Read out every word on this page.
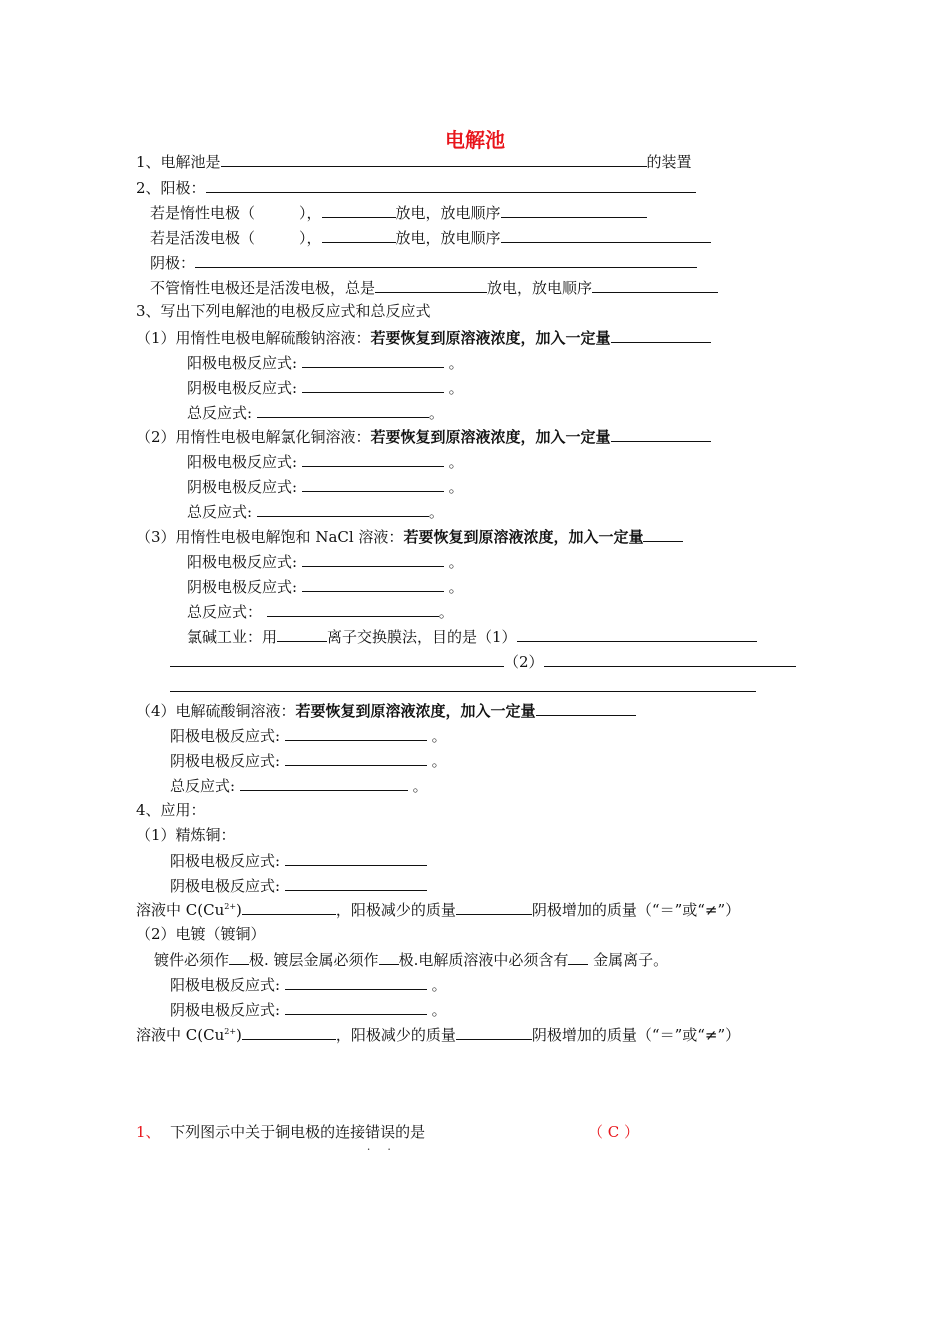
电解池
1、电解池是	的装置
2、阳极：
若是惰性电极（	），	放电，放电顺序
若是活泼电极（	），	放电，放电顺序
阴极：
不管惰性电极还是活泼电极，总是	放电，放电顺序
3、写出下列电解池的电极反应式和总反应式
（1）用惰性电极电解硫酸钠溶液：若要恢复到原溶液浓度，加入一定量
阳极电极反应式:	。
阴极电极反应式:	。
总反应式:	。
（2）用惰性电极电解氯化铜溶液：若要恢复到原溶液浓度，加入一定量
阳极电极反应式:	。
阴极电极反应式:	。
总反应式:	。
（3）用惰性电极电解饱和 NaCl 溶液：若要恢复到原溶液浓度，加入一定量
阳极电极反应式:	。
阴极电极反应式:	。
总反应式：	。
氯碱工业：用	离子交换膜法，目的是（1）
（2）
（4）电解硫酸铜溶液：若要恢复到原溶液浓度，加入一定量
阳极电极反应式:	。
阴极电极反应式:	。
总反应式:	。
4、应用：
（1）精炼铜：
阳极电极反应式:
阴极电极反应式:
溶液中 $C(Cu^{2+})$	，阳极减少的质量	阴极增加的质量（“＝”或“≠”）
（2）电镀（镀铜）
镀件必须作 极. 镀层金属必须作 极.电解质溶液中必须含有 金属离子。
阳极电极反应式:	。
阴极电极反应式:	。
溶液中 $C(Cu^{2+})$	，阳极减少的质量	阴极增加的质量（“＝”或“≠”）
1、 下列图示中关于铜电极的连接错误 • •的是	（ C ）
